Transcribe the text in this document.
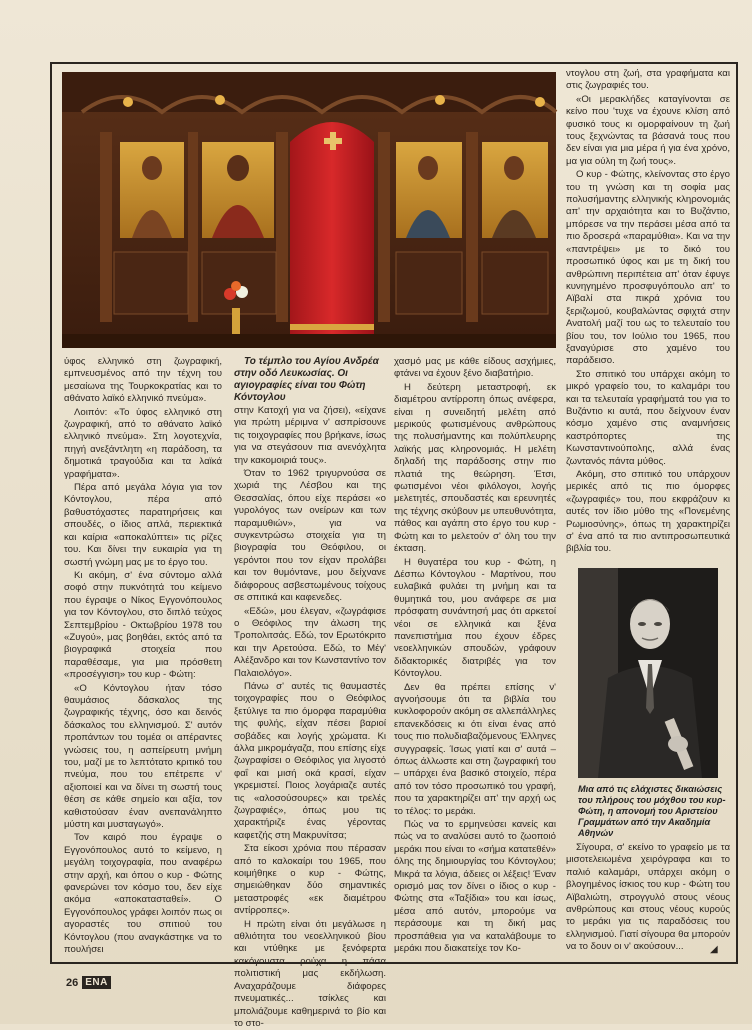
ύφος ελληνικό στη ζωγραφική, εμπνευσμένος από την τέχνη του μεσαίωνα της Τουρκοκρατίας και το αθάνατο λαϊκό ελληνικό πνεύμα».

Λοιπόν: «Το ύφος ελληνικό στη ζωγραφική, από το αθάνατο λαϊκό ελληνικό πνεύμα». Στη λογοτεχνία, πηγή ανεξάντλητη «η παράδοση, τα δημοτικά τραγούδια και τα λαϊκά γραφήματα».

Πέρα από μεγάλα λόγια για τον Κόντογλου, πέρα από βαθυστόχαστες παρατηρήσεις και σπουδές, ο ίδιος απλά, περιεκτικά και καίρια «αποκαλύπτει» τις ρίζες του. Και δίνει την ευκαιρία για τη σωστή γνώμη μας με το έργο του.

Κι ακόμη, σ' ένα σύντομο αλλά σοφό στην πυκνότητά του κείμενο που έγραψε ο Νίκος Εγγονόπουλος για τον Κόντογλου, στο διπλό τεύχος Σεπτεμβρίου - Οκτωβρίου 1978 του «Ζυγού», μας βοηθάει, εκτός από τα βιογραφικά στοιχεία που παραθέσαμε, για μια πρόσθετη «προσέγγιση» του κυρ - Φώτη:

«Ο Κόντογλου ήταν τόσο θαυμάσιος δάσκαλος της ζωγραφικής τέχνης, όσο και δεινός δάσκαλος του ελληνισμού. Σ' αυτόν προπάντων του τομέα οι απέραντες γνώσεις του, η ασπείρευτη μνήμη του, μαζί με το λεπτότατο κριτικό του πνεύμα, που του επέτρεπε ν' αξιοποιεί και να δίνει τη σωστή τους θέση σε κάθε σημείο και αξία, τον καθιστούσαν έναν ανεπανάληπτο μύστη και μυσταγωγό».

Τον καιρό που έγραψε ο Εγγονόπουλος αυτό το κείμενο, η μεγάλη τοιχογραφία, που αναφέρω στην αρχή, και όπου ο κυρ - Φώτης φανερώνει τον κόσμο του, δεν είχε ακόμα «αποκατασταθεί». Ο Εγγονόπουλος γράφει λοιπόν πως οι αγοραστές του σπιτιού του Κόντογλου (που αναγκάστηκε να το πουλήσει

Το τέμπλο του Αγίου Ανδρέα στην οδό Λευκωσίας. Οι αγιογραφίες είναι του Φώτη Κόντογλου

στην Κατοχή για να ζήσει), «είχανε για πρώτη μέριμνα ν' ασπρίσουνε τις τοιχογραφίες που βρήκανε, ίσως για να στεγάσουν πια ανενόχλητα την κακομοιριά τους».

Όταν το 1962 τριγυρνούσα σε χωριά της Λέσβου και της Θεσσαλίας, όπου είχε περάσει «ο γυρολόγος των ονείρων και των παραμυθιών», για να συγκεντρώσω στοιχεία για τη βιογραφία του Θεόφιλου, οι γερόντοι που τον είχαν προλάβει και τον θυμόντανε, μου δείχνανε διάφορους ασβεστωμένους τοίχους σε σπιτικά και καφενεδες.

«Εδώ», μου έλεγαν, «ζωγράφισε ο Θεόφιλος την άλωση της Τροπολιτσάς. Εδώ, τον Ερωτόκριτο και την Αρετούσα. Εδώ, το Μέγ' Αλέξανδρο και τον Κωνσταντίνο τον Παλαιολόγο».

Πάνω σ' αυτές τις θαυμαστές τοιχογραφίες που ο Θεόφιλος ξετύλιγε τα πιο όμορφα παραμύθια της φυλής, είχαν πέσει βαριοί σοβάδες και λογής χρώματα. Κι άλλα μικρομάγαζα, που επίσης είχε ζωγραφίσει ο Θεόφιλος για λιγοστό φαΐ και μισή οκά κρασί, είχαν γκρεμιστεί. Ποιος λογάριαζε αυτές τις «αλοσούσουρες» και τρελές ζωγραφιές», όπως μου τις χαρακτήριζε ένας γέροντας καφετζής στη Μακρυνίτσα;

Στα είκοσι χρόνια που πέρασαν από το καλοκαίρι του 1965, που κοιμήθηκε ο κυρ - Φώτης, σημειώθηκαν δύο σημαντικές μεταστροφές «εκ διαμέτρου αντίρροπες».

Η πρώτη είναι ότι μεγάλωσε η αθλιότητα του νεοελληνικού βίου και ντύθηκε με ξενόφερτα κακόγουστα ρούχα η πάσα πολιτιστική μας εκδήλωση. Αναχαράζουμε διάφορες πνευματικές... τσίκλες και μπολιάζουμε καθημερινά το βίο και το στο-

χασμό μας με κάθε είδους ασχήμιες, φτάνει να έχουν ξένο διαβατήριο.

Η δεύτερη μεταστροφή, εκ διαμέτρου αντίρροπη όπως ανέφερα, είναι η συνειδητή μελέτη από μερικούς φωτισμένους ανθρώπους της πολυσήμαντης και πολύπλευρης λαϊκής μας κληρονομιάς. Η μελέτη δηλαδή της παράδοσης στην πιο πλατιά της θεώρηση. Έτσι, φωτισμένοι νέοι φιλόλογοι, λογής μελετητές, σπουδαστές και ερευνητές της τέχνης σκύβουν με υπευθυνότητα, πάθος και αγάπη στο έργο του κυρ - Φώτη και το μελετούν σ' όλη του την έκταση.

Η θυγατέρα του κυρ - Φώτη, η Δέσπω Κόντογλου - Μαρτίνου, που ευλαβικά φυλάει τη μνήμη και τα θυμητικά του, μου ανάφερε σε μια πρόσφατη συνάντησή μας ότι αρκετοί νέοι σε ελληνικά και ξένα πανεπιστήμια που έχουν έδρες νεοελληνικών σπουδών, γράφουν διδακτορικές διατριβές για τον Κόντογλου.

Δεν θα πρέπει επίσης ν' αγνοήσουμε ότι τα βιβλία του κυκλοφορούν ακόμη σε αλλεπάλληλες επανεκδόσεις κι ότι είναι ένας από τους πιο πολυδιαβαζόμενους Έλληνες συγγραφείς. Ίσως γιατί και σ' αυτά – όπως άλλωστε και στη ζωγραφική του – υπάρχει ένα βασικό στοιχείο, πέρα από τον τόσο προσωπικό του γραφή, που τα χαρακτηρίζει απ' την αρχή ως το τέλος: το μεράκι.

Πώς να το ερμηνεύσει κανείς και πώς να το αναλύσει αυτό το ζωοποιό μεράκι που είναι το «σήμα κατατεθέν» όλης της δημιουργίας του Κόντογλου; Μικρά τα λόγια, άδειες οι λέξεις! Έναν ορισμό μας τον δίνει ο ίδιος ο κυρ - Φώτης στα «Ταξίδια» του και ίσως, μέσα από αυτόν, μπορούμε να περάσουμε και τη δική μας προσπάθεια για να καταλάβουμε το μεράκι που διακατείχε τον Κο-

ντογλου στη ζωή, στα γραφήματα και στις ζωγραφιές του.

«Οι μερακλήδες καταγίνονται σε κείνο που 'τυχε να έχουνε κλίση από φυσικό τους κι ομορφαίνουν τη ζωή τους ξεχνώντας τα βάσανά τους που δεν είναι για μια μέρα ή για ένα χρόνο, μα για ούλη τη ζωή τους».

Ο κυρ - Φώτης, κλείνοντας στο έργο του τη γνώση και τη σοφία μας πολυσήμαντης ελληνικής κληρονομιάς απ' την αρχαιότητα και το Βυζάντιο, μπόρεσε να την περάσει μέσα από τα πιο δροσερά «παραμύθια». Και να την «παντρέψει» με το δικό του προσωπικό ύφος και με τη δική του ανθρώπινη περιπέτεια απ' όταν έφυγε κυνηγημένο προσφυγόπουλο απ' το Αϊβαλί στα πικρά χρόνια του ξεριζωμού, κουβαλώντας σφιχτά στην Ανατολή μαζί του ως το τελευταίο του βίου του, τον Ιούλιο του 1965, που ξαναγύρισε στο χαμένο του παράδεισο.

Στο σπιτικό του υπάρχει ακόμη το μικρό γραφείο του, το καλαμάρι του και τα τελευταία γραφήματά του για το Βυζάντιο κι αυτά, που δείχνουν έναν κόσμο χαμένο στις αναμνήσεις καστρόπορτες της Κωνσταντινούπολης, αλλά ένας ζωντανός πάντα μύθος.

Ακόμη, στο σπιτικό του υπάρχουν μερικές από τις πιο όμορφες «ζωγραφιές» του, που εκφράζουν κι αυτές τον ίδιο μύθο της «Πονεμένης Ρωμιοσύνης», όπως τη χαρακτηρίζει σ' ένα από τα πιο αντιπροσωπευτικά βιβλία του.

Μια από τις ελάχιστες δικαιώσεις του πλήρους του μόχθου του κυρ-Φώτη, η απονομή του Αριστείου Γραμμάτων από την Ακαδημία Αθηνών

Σίγουρα, σ' εκείνο το γραφείο με τα μισοτελειωμένα χειρόγραφα και το παλιό καλαμάρι, υπάρχει ακόμη ο βλογημένος ίσκιος του κυρ - Φώτη του Αϊβαλιώτη, στρογγυλό στους νέους ανθρώπους και στους νέους κυρούς το μεράκι για τις παραδόσεις του ελληνισμού. Γιατί σίγουρα θα μπορούν να το δουν οι ν' ακούσουν...

26 ΕΝΑ
◢
